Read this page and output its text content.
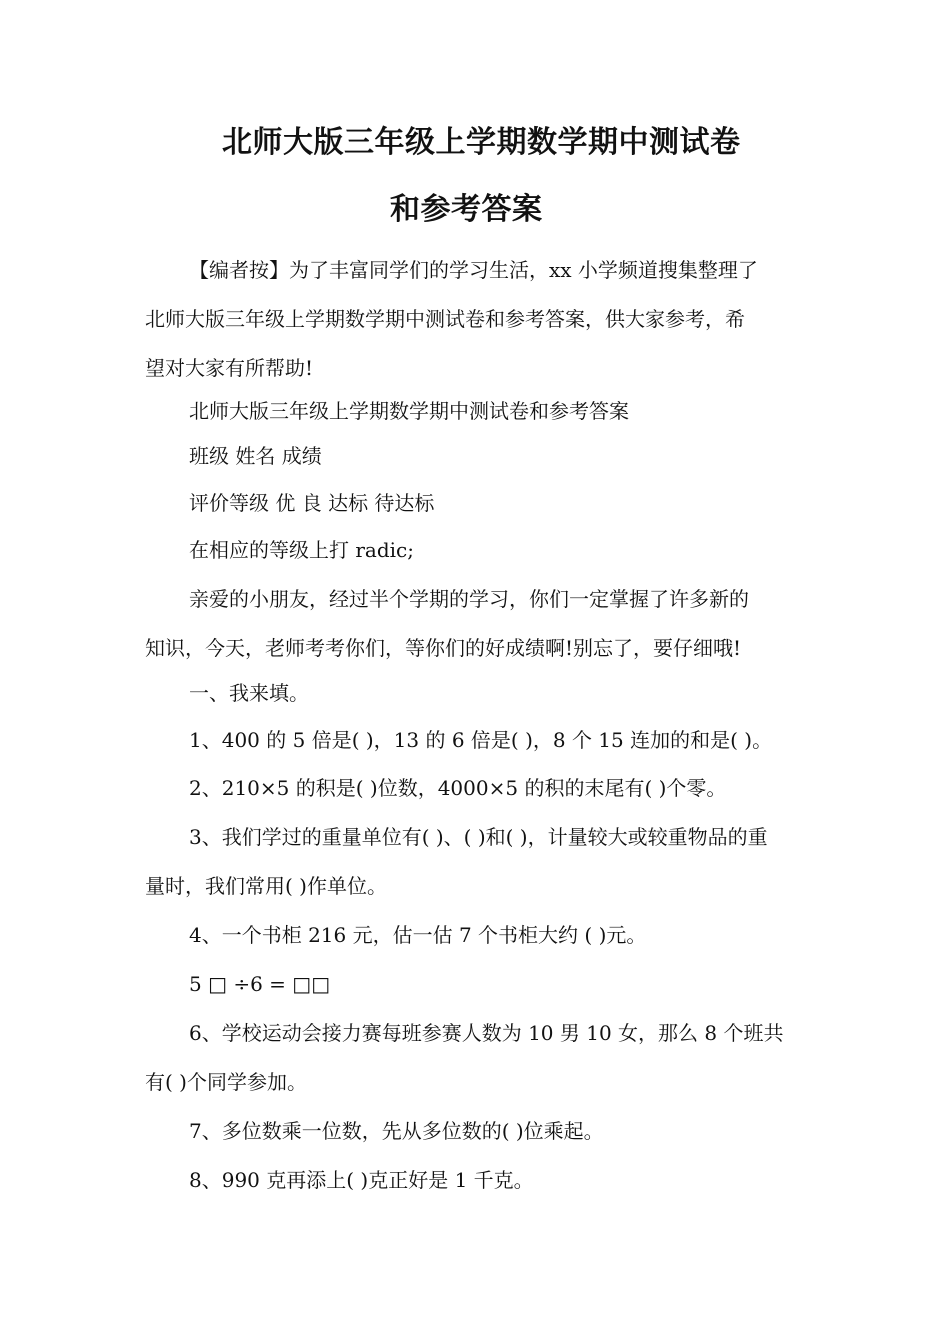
北师大版三年级上学期数学期中测试卷
和参考答案
【编者按】为了丰富同学们的学习生活，xx 小学频道搜集整理了
北师大版三年级上学期数学期中测试卷和参考答案，供大家参考，希
望对大家有所帮助!
北师大版三年级上学期数学期中测试卷和参考答案
班级 姓名 成绩
评价等级 优 良 达标 待达标
在相应的等级上打 radic;
亲爱的小朋友，经过半个学期的学习，你们一定掌握了许多新的
知识，今天，老师考考你们，等你们的好成绩啊!别忘了，要仔细哦!
一、我来填。
1、400 的 5 倍是( )，13 的 6 倍是( )，8 个 15 连加的和是( )。
2、210×5 的积是( )位数，4000×5 的积的末尾有( )个零。
3、我们学过的重量单位有( )、( )和( )，计量较大或较重物品的重
量时，我们常用( )作单位。
4、一个书柜 216 元，估一估 7 个书柜大约 ( )元。
5 □ ÷6 = □□
6、学校运动会接力赛每班参赛人数为 10 男 10 女，那么 8 个班共
有( )个同学参加。
7、多位数乘一位数，先从多位数的( )位乘起。
8、990 克再添上( )克正好是 1 千克。
